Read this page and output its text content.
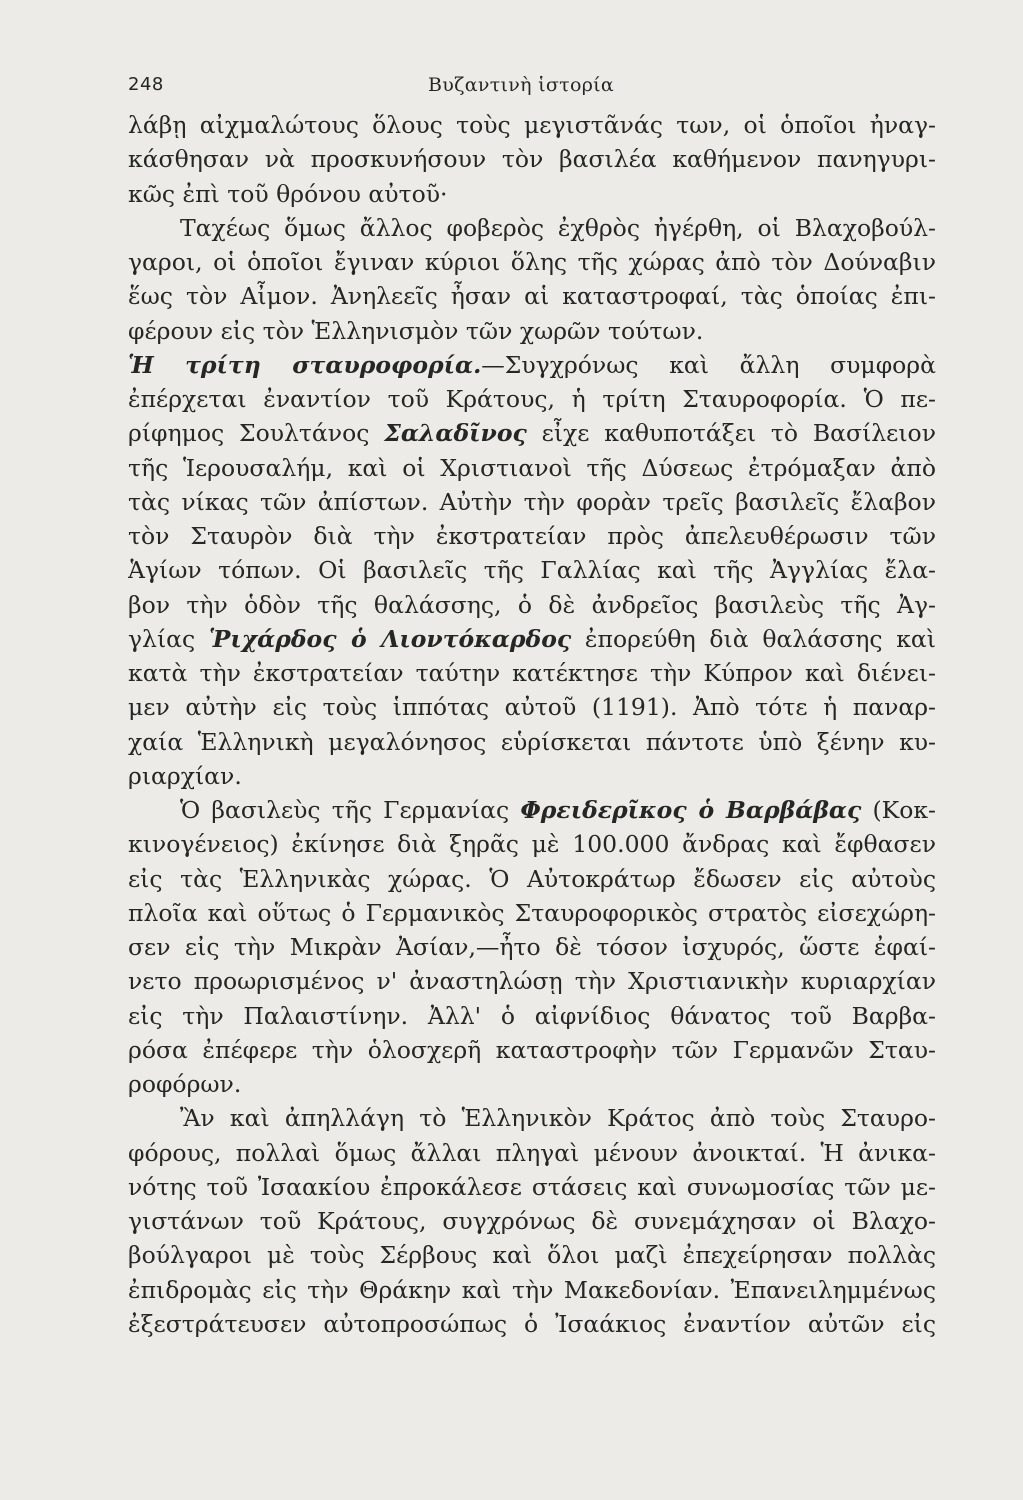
248	Βυζαντινὴ ἱστορία
λάβῃ αἰχμαλώτους ὅλους τοὺς μεγιστᾶνάς των, οἱ ὁποῖοι ἠναγ-
κάσθησαν νὰ προσκυνήσουν τὸν βασιλέα καθήμενον πανηγυρι-
κῶς ἐπὶ τοῦ θρόνου αὐτοῦ·
Ταχέως ὅμως ἄλλος φοβερὸς ἐχθρὸς ἠγέρθη, οἱ Βλαχοβούλ-
γαροι, οἱ ὁποῖοι ἔγιναν κύριοι ὅλης τῆς χώρας ἀπὸ τὸν Δούναβιν
ἕως τὸν Αἶμον. Ἀνηλεεῖς ἦσαν αἱ καταστροφαί, τὰς ὁποίας ἐπι-
φέρουν εἰς τὸν Ἑλληνισμὸν τῶν χωρῶν τούτων.
Ἡ τρίτη σταυροφορία.—Συγχρόνως καὶ ἄλλη συμφορὰ
ἐπέρχεται ἐναντίον τοῦ Κράτους, ἡ τρίτη Σταυροφορία. Ὁ πε-
ρίφημος Σουλτάνος Σαλαδῖνος εἶχε καθυποτάξει τὸ Βασίλειον
τῆς Ἱερουσαλήμ, καὶ οἱ Χριστιανοὶ τῆς Δύσεως ἐτρόμαξαν ἀπὸ
τὰς νίκας τῶν ἀπίστων. Αὐτὴν τὴν φορὰν τρεῖς βασιλεῖς ἔλαβον
τὸν Σταυρὸν διὰ τὴν ἐκστρατείαν πρὸς ἀπελευθέρωσιν τῶν
Ἁγίων τόπων. Οἱ βασιλεῖς τῆς Γαλλίας καὶ τῆς Ἀγγλίας ἔλα-
βον τὴν ὁδὸν τῆς θαλάσσης, ὁ δὲ ἀνδρεῖος βασιλεὺς τῆς Ἀγ-
γλίας Ῥιχάρδος ὁ Λιοντόκαρδος ἐπορεύθη διὰ θαλάσσης καὶ
κατὰ τὴν ἐκστρατείαν ταύτην κατέκτησε τὴν Κύπρον καὶ διένει-
μεν αὐτὴν εἰς τοὺς ἱππότας αὐτοῦ (1191). Ἀπὸ τότε ἡ παναρ-
χαία Ἑλληνικὴ μεγαλόνησος εὑρίσκεται πάντοτε ὑπὸ ξένην κυ-
ριαρχίαν.
Ὁ βασιλεὺς τῆς Γερμανίας Φρειδερῖκος ὁ Βαρβάβας (Κοκ-
κινογένειος) ἐκίνησε διὰ ξηρᾶς μὲ 100.000 ἄνδρας καὶ ἔφθασεν
εἰς τὰς Ἑλληνικὰς χώρας. Ὁ Αὐτοκράτωρ ἔδωσεν εἰς αὐτοὺς
πλοῖα καὶ οὕτως ὁ Γερμανικὸς Σταυροφορικὸς στρατὸς εἰσεχώρη-
σεν εἰς τὴν Μικρὰν Ἀσίαν,—ἦτο δὲ τόσον ἰσχυρός, ὥστε ἐφαί-
νετο προωρισμένος ν' ἀναστηλώσῃ τὴν Χριστιανικὴν κυριαρχίαν
εἰς τὴν Παλαιστίνην. Ἀλλ' ὁ αἰφνίδιος θάνατος τοῦ Βαρβα-
ρόσα ἐπέφερε τὴν ὁλοσχερῆ καταστροφὴν τῶν Γερμανῶν Σταυ-
ροφόρων.
Ἂν καὶ ἀπηλλάγη τὸ Ἑλληνικὸν Κράτος ἀπὸ τοὺς Σταυρο-
φόρους, πολλαὶ ὅμως ἄλλαι πληγαὶ μένουν ἀνοικταί. Ἡ ἀνικα-
νότης τοῦ Ἰσαακίου ἐπροκάλεσε στάσεις καὶ συνωμοσίας τῶν με-
γιστάνων τοῦ Κράτους, συγχρόνως δὲ συνεμάχησαν οἱ Βλαχο-
βούλγαροι μὲ τοὺς Σέρβους καὶ ὅλοι μαζὶ ἐπεχείρησαν πολλὰς
ἐπιδρομὰς εἰς τὴν Θράκην καὶ τὴν Μακεδονίαν. Ἐπανειλημμένως
ἐξεστράτευσεν αὐτοπροσώπως ὁ Ἰσαάκιος ἐναντίον αὐτῶν εἰς
